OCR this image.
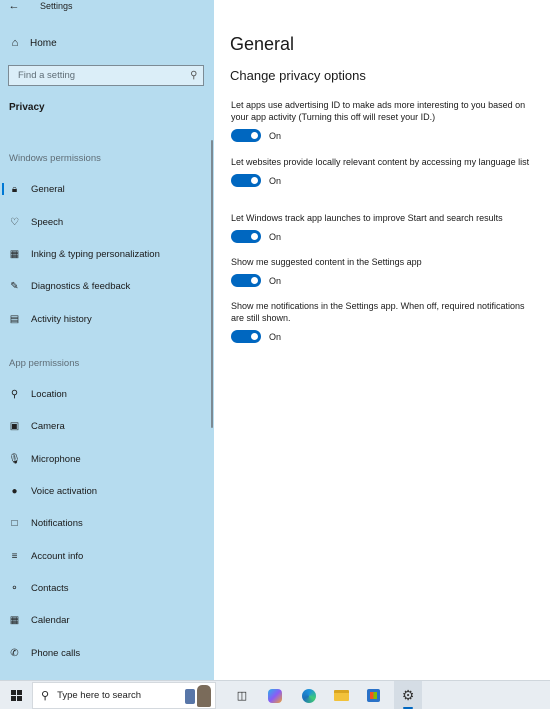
←	Settings
⌂ Home
Find a setting	⚲
Privacy
Windows permissions
🔒︎	General
♡ Speech
▦ Inking & typing personalization
✎ Diagnostics & feedback
▤ Activity history
App permissions
⚲ Location
▣ Camera
🎙︎ Microphone
●	Voice activation
□	Notifications
≡	Account info
⚬ Contacts
▦ Calendar
✆ Phone calls
General
Change privacy options
Let apps use advertising ID to make ads more interesting to you based on your app activity (Turning this off will reset your ID.)
On
Let websites provide locally relevant content by accessing my language list
On
Let Windows track app launches to improve Start and search results
On
Show me suggested content in the Settings app
On
Show me notifications in the Settings app. When off, required notifications are still shown.
On
⚲ Type here to search	◫	⚙
